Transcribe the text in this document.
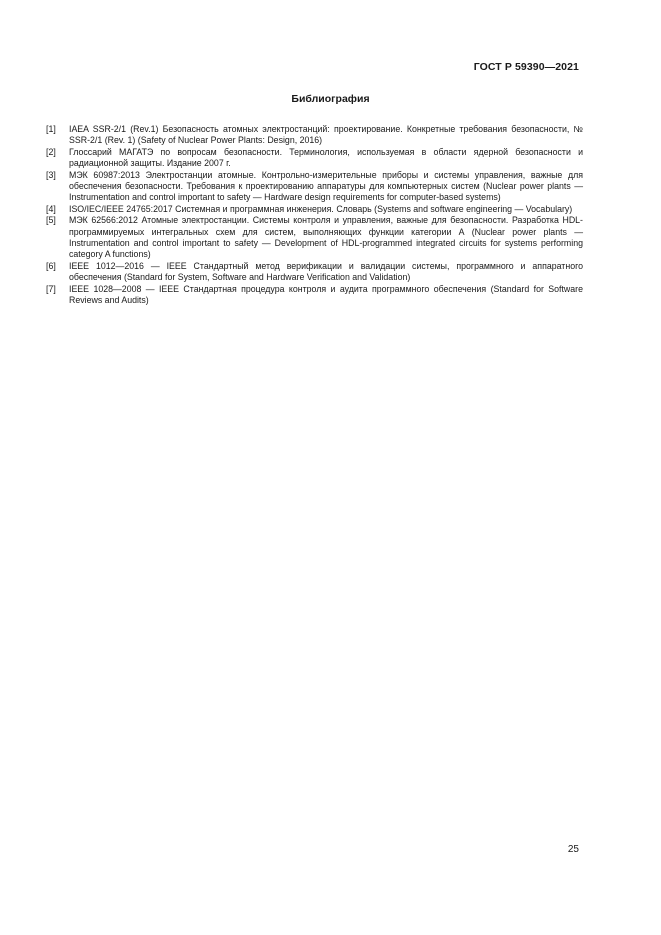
ГОСТ Р 59390—2021
Библиография
[1]	IAEA SSR-2/1 (Rev.1) Безопасность атомных электростанций: проектирование. Конкретные требования безопасности, № SSR-2/1 (Rev. 1) (Safety of Nuclear Power Plants: Design, 2016)
[2]	Глоссарий МАГАТЭ по вопросам безопасности. Терминология, используемая в области ядерной безопасности и радиационной защиты. Издание 2007 г.
[3]	МЭК 60987:2013 Электростанции атомные. Контрольно-измерительные приборы и системы управления, важные для обеспечения безопасности. Требования к проектированию аппаратуры для компьютерных систем (Nuclear power plants — Instrumentation and control important to safety — Hardware design requirements for computer-based systems)
[4]	ISO/IEC/IEEE 24765:2017 Системная и программная инженерия. Словарь (Systems and software engineering — Vocabulary)
[5]	МЭК 62566:2012 Атомные электростанции. Системы контроля и управления, важные для безопасности. Разработка HDL-программируемых интегральных схем для систем, выполняющих функции категории А (Nuclear power plants — Instrumentation and control important to safety — Development of HDL-programmed integrated circuits for systems performing category A functions)
[6]	IEEE 1012—2016 — IEEE Стандартный метод верификации и валидации системы, программного и аппаратного обеспечения (Standard for System, Software and Hardware Verification and Validation)
[7]	IEEE 1028—2008 — IEEE Стандартная процедура контроля и аудита программного обеспечения (Standard for Software Reviews and Audits)
25
